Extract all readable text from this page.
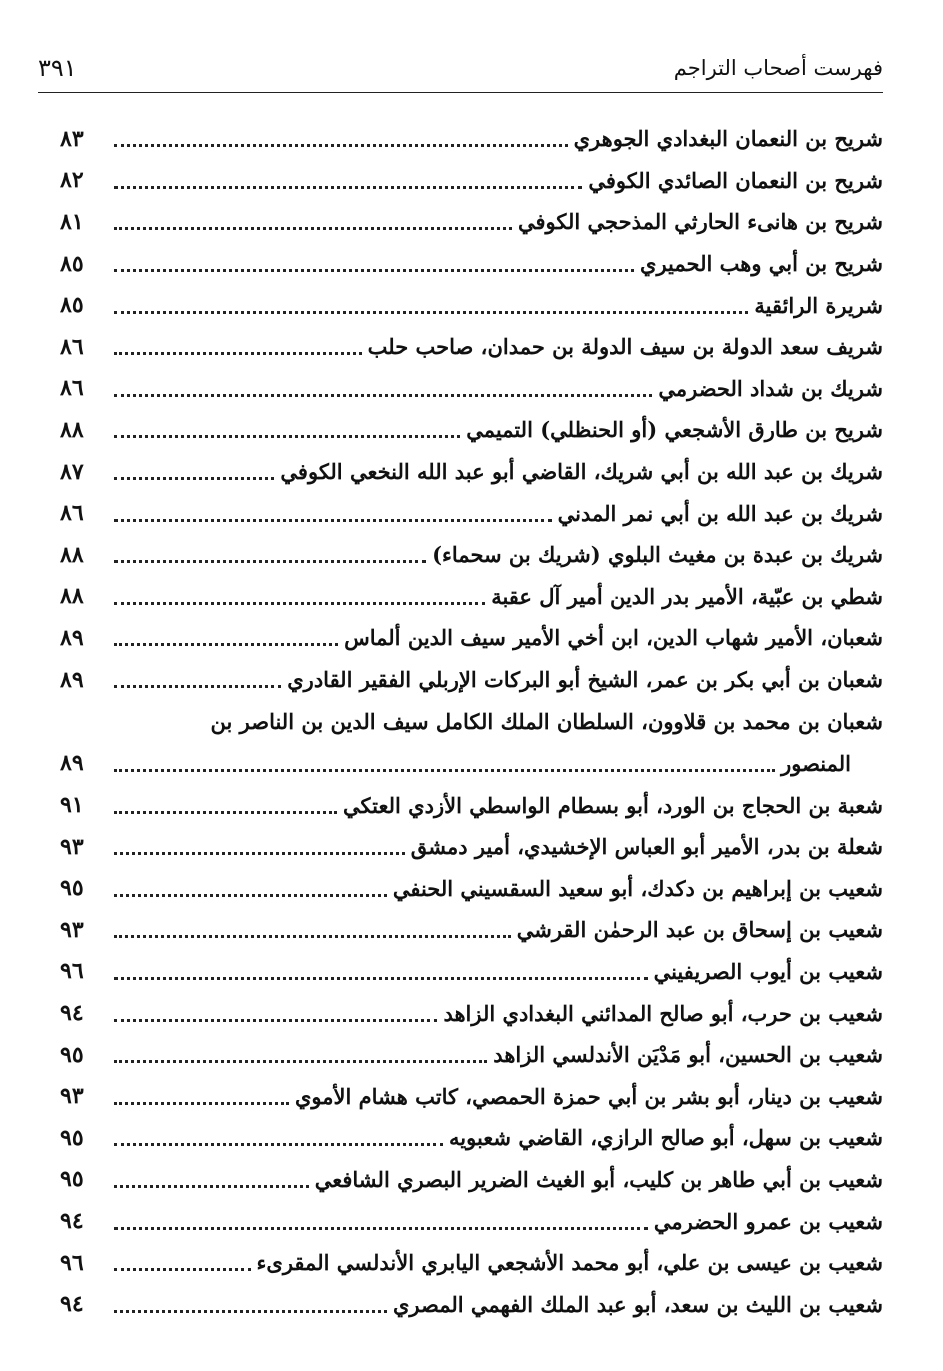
فهرست أصحاب التراجم
٣٩١
شريح بن النعمان البغدادي الجوهري
٨٣
شريح بن النعمان الصائدي الكوفي
٨٢
شريح بن هانىء الحارثي المذحجي الكوفي
٨١
شريح بن أبي وهب الحميري
٨٥
شريرة الرائقية
٨٥
شريف سعد الدولة بن سيف الدولة بن حمدان، صاحب حلب
٨٦
شريك بن شداد الحضرمي
٨٦
شريح بن طارق الأشجعي (أو الحنظلي) التميمي
٨٨
شريك بن عبد الله بن أبي شريك، القاضي أبو عبد الله النخعي الكوفي
٨٧
شريك بن عبد الله بن أبي نمر المدني
٨٦
شريك بن عبدة بن مغيث البلوي (شريك بن سحماء)
٨٨
شطي بن عبّية، الأمير بدر الدين أمير آل عقبة
٨٨
شعبان، الأمير شهاب الدين، ابن أخي الأمير سيف الدين ألماس
٨٩
شعبان بن أبي بكر بن عمر، الشيخ أبو البركات الإربلي الفقير القادري
٨٩
شعبان بن محمد بن قلاوون، السلطان الملك الكامل سيف الدين بن الناصر بن
المنصور
٨٩
شعبة بن الحجاج بن الورد، أبو بسطام الواسطي الأزدي العتكي
٩١
شعلة بن بدر، الأمير أبو العباس الإخشيدي، أمير دمشق
٩٣
شعيب بن إبراهيم بن دكدك، أبو سعيد السقسيني الحنفي
٩٥
شعيب بن إسحاق بن عبد الرحمٰن القرشي
٩٣
شعيب بن أيوب الصريفيني
٩٦
شعيب بن حرب، أبو صالح المدائني البغدادي الزاهد
٩٤
شعيب بن الحسين، أبو مَدْيَن الأندلسي الزاهد
٩٥
شعيب بن دينار، أبو بشر بن أبي حمزة الحمصي، كاتب هشام الأموي
٩٣
شعيب بن سهل، أبو صالح الرازي، القاضي شعبويه
٩٥
شعيب بن أبي طاهر بن كليب، أبو الغيث الضرير البصري الشافعي
٩٥
شعيب بن عمرو الحضرمي
٩٤
شعيب بن عيسى بن علي، أبو محمد الأشجعي اليابري الأندلسي المقرىء
٩٦
شعيب بن الليث بن سعد، أبو عبد الملك الفهمي المصري
٩٤
